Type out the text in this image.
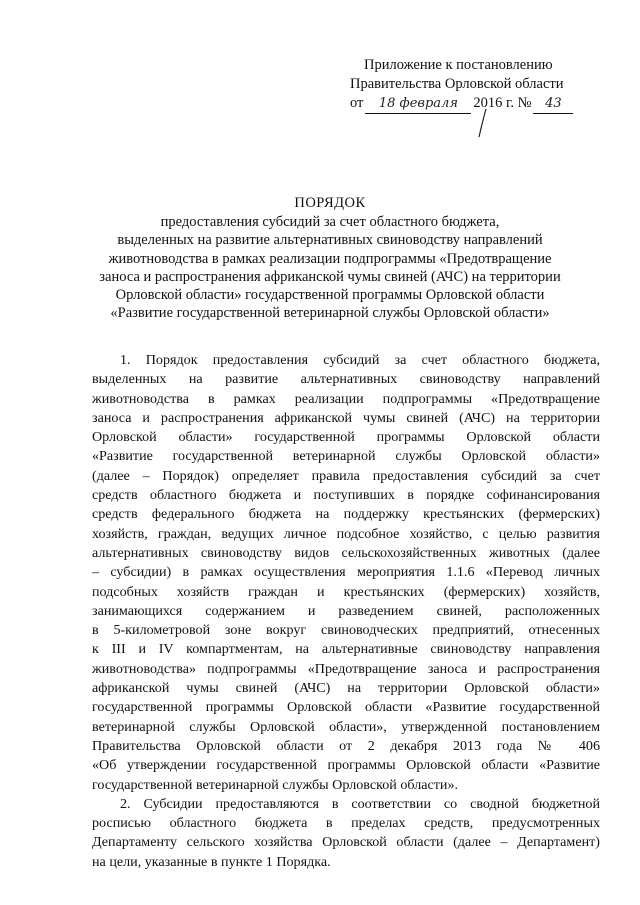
Приложение к постановлению
Правительства Орловской области
от 18 февраля 2016 г. № 43
ПОРЯДОК
предоставления субсидий за счет областного бюджета,
выделенных на развитие альтернативных свиноводству направлений
животноводства в рамках реализации подпрограммы «Предотвращение
заноса и распространения африканской чумы свиней (АЧС) на территории
Орловской области» государственной программы Орловской области
«Развитие государственной ветеринарной службы Орловской области»

1. Порядок предоставления субсидий за счет областного бюджета,
выделенных на развитие альтернативных свиноводству направлений
животноводства в рамках реализации подпрограммы «Предотвращение
заноса и распространения африканской чумы свиней (АЧС) на территории
Орловской области» государственной программы Орловской области
«Развитие государственной ветеринарной службы Орловской области»
(далее – Порядок) определяет правила предоставления субсидий за счет
средств областного бюджета и поступивших в порядке софинансирования
средств федерального бюджета на поддержку крестьянских (фермерских)
хозяйств, граждан, ведущих личное подсобное хозяйство, с целью развития
альтернативных свиноводству видов сельскохозяйственных животных (далее
– субсидии) в рамках осуществления мероприятия 1.1.6 «Перевод личных
подсобных хозяйств граждан и крестьянских (фермерских) хозяйств,
занимающихся содержанием и разведением свиней, расположенных
в 5-километровой зоне вокруг свиноводческих предприятий, отнесенных
к III и IV компартментам, на альтернативные свиноводству направления
животноводства» подпрограммы «Предотвращение заноса и распространения
африканской чумы свиней (АЧС) на территории Орловской области»
государственной программы Орловской области «Развитие государственной
ветеринарной службы Орловской области», утвержденной постановлением
Правительства Орловской области от 2 декабря 2013 года № 406
«Об утверждении государственной программы Орловской области «Развитие
государственной ветеринарной службы Орловской области».

2. Субсидии предоставляются в соответствии со сводной бюджетной
росписью областного бюджета в пределах средств, предусмотренных
Департаменту сельского хозяйства Орловской области (далее – Департамент)
на цели, указанные в пункте 1 Порядка.
